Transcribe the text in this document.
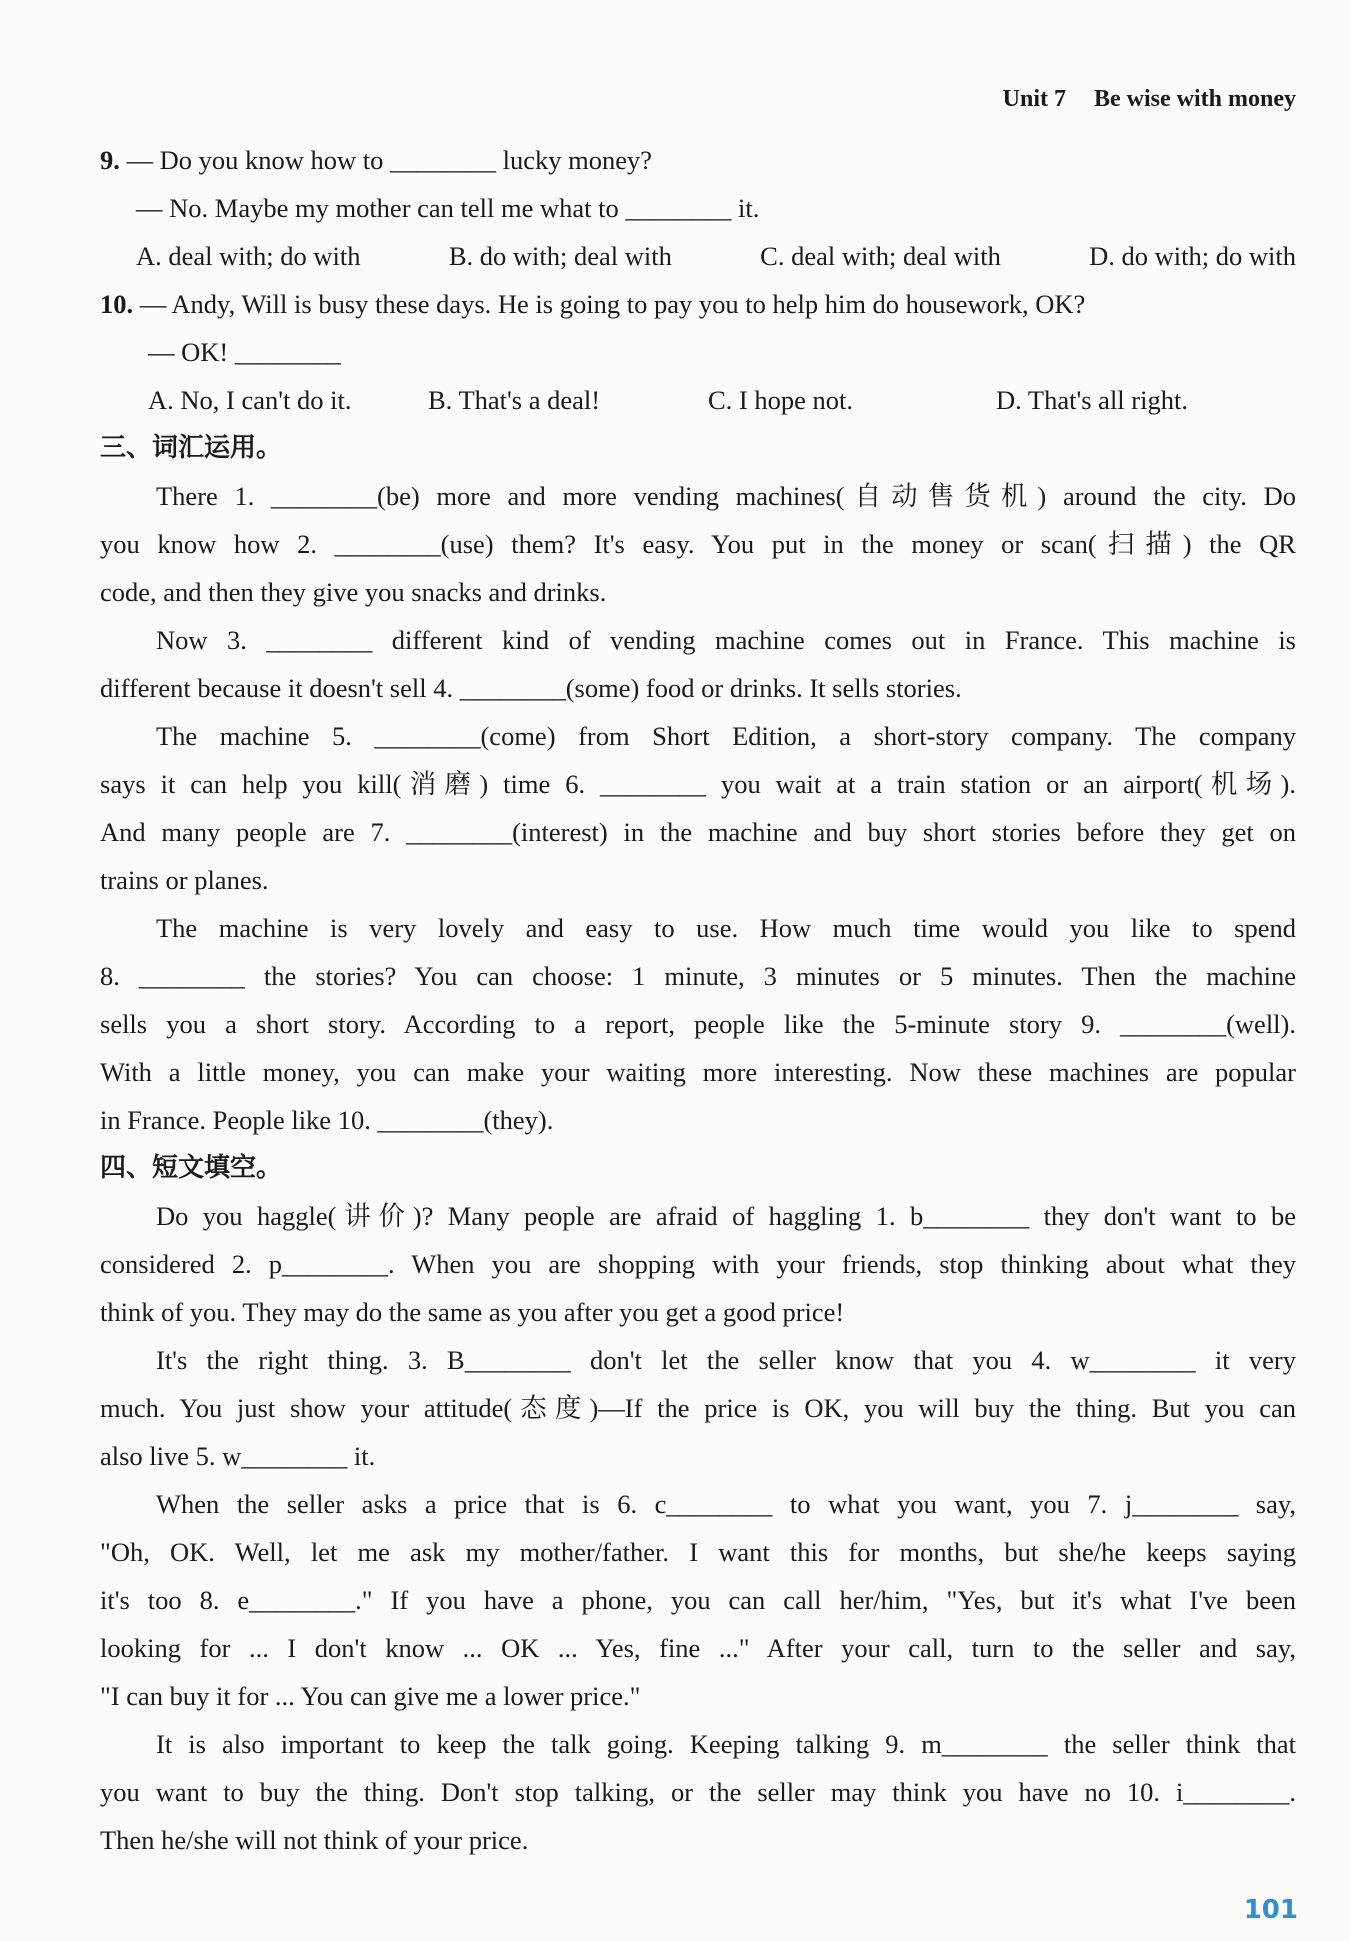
Unit 7 Be wise with money
9. — Do you know how to ________ lucky money?
— No. Maybe my mother can tell me what to ________ it.
A. deal with; do with	B. do with; deal with	C. deal with; deal with	D. do with; do with
10. — Andy, Will is busy these days. He is going to pay you to help him do housework, OK?
— OK! ________
A. No, I can't do it.	B. That's a deal!	C. I hope not.	D. That's all right.
三、词汇运用。
There 1. ________(be) more and more vending machines(自动售货机) around the city. Do
you know how 2. ________(use) them? It's easy. You put in the money or scan(扫描) the QR
code, and then they give you snacks and drinks.
Now 3. ________ different kind of vending machine comes out in France. This machine is
different because it doesn't sell 4. ________(some) food or drinks. It sells stories.
The machine 5. ________(come) from Short Edition, a short-story company. The company
says it can help you kill(消磨) time 6. ________ you wait at a train station or an airport(机场).
And many people are 7. ________(interest) in the machine and buy short stories before they get on
trains or planes.
The machine is very lovely and easy to use. How much time would you like to spend
8. ________ the stories? You can choose: 1 minute, 3 minutes or 5 minutes. Then the machine
sells you a short story. According to a report, people like the 5-minute story 9. ________(well).
With a little money, you can make your waiting more interesting. Now these machines are popular
in France. People like 10. ________(they).
四、短文填空。
Do you haggle(讲价)? Many people are afraid of haggling 1. b________ they don't want to be
considered 2. p________. When you are shopping with your friends, stop thinking about what they
think of you. They may do the same as you after you get a good price!
It's the right thing. 3. B________ don't let the seller know that you 4. w________ it very
much. You just show your attitude(态度)—If the price is OK, you will buy the thing. But you can
also live 5. w________ it.
When the seller asks a price that is 6. c________ to what you want, you 7. j________ say,
"Oh, OK. Well, let me ask my mother/father. I want this for months, but she/he keeps saying
it's too 8. e________." If you have a phone, you can call her/him, "Yes, but it's what I've been
looking for ... I don't know ... OK ... Yes, fine ..." After your call, turn to the seller and say,
"I can buy it for ... You can give me a lower price."
It is also important to keep the talk going. Keeping talking 9. m________ the seller think that
you want to buy the thing. Don't stop talking, or the seller may think you have no 10. i________.
Then he/she will not think of your price.
101
